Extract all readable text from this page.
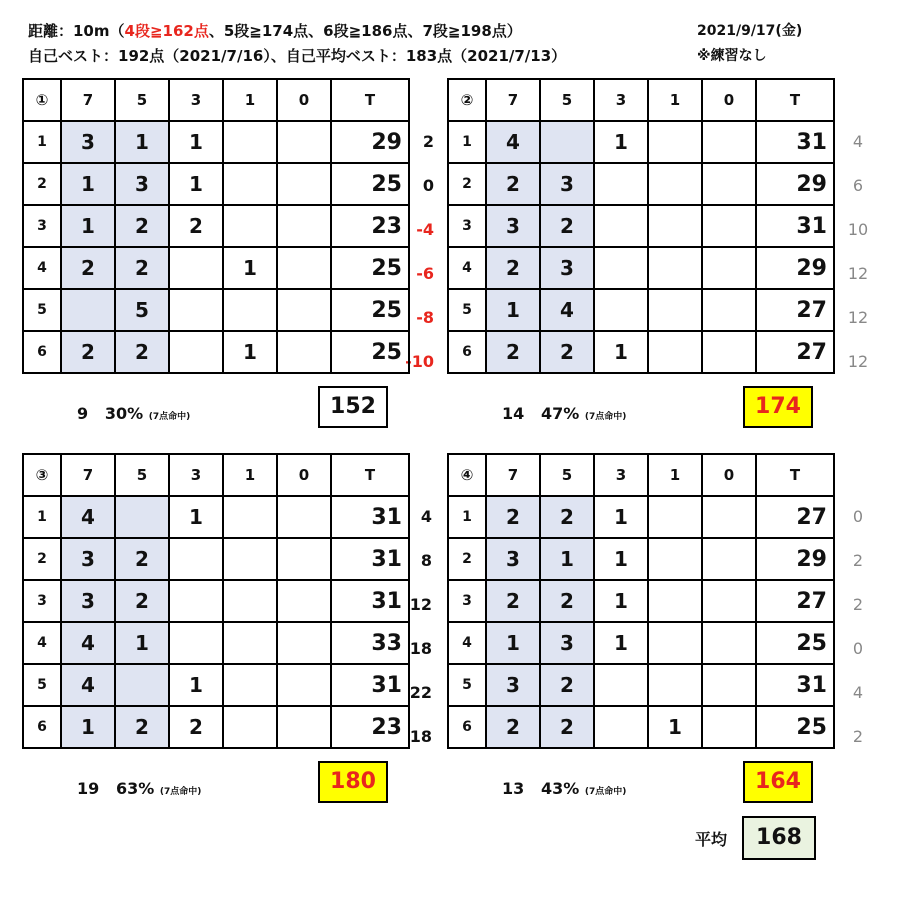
距離：10m（4段≧162点、5段≧174点、6段≧186点、7段≧198点）
自己ベスト：192点（2021/7/16）、自己平均ベスト：183点（2021/7/13）
2021/9/17(金)
※練習なし
2
0
-4
-6
-8
-10
①	7	5	3	1	0	T
1	3	1	1			29
2	1	3	1			25
3	1	2	2			23
4	2	2		1		25
5		5				25
6	2	2		1		25
9 30% (7点命中)	152
4
6
10
12
12
12
②	7	5	3	1	0	T
1	4		1			31
2	2	3				29
3	3	2				31
4	2	3				29
5	1	4				27
6	2	2	1			27
14 47% (7点命中)	174
4
8
12
18
22
18
③	7	5	3	1	0	T
1	4		1			31
2	3	2				31
3	3	2				31
4	4	1				33
5	4		1			31
6	1	2	2			23
19 63% (7点命中)	180
0
2
2
0
4
2
④	7	5	3	1	0	T
1	2	2	1			27
2	3	1	1			29
3	2	2	1			27
4	1	3	1			25
5	3	2				31
6	2	2		1		25
13 43% (7点命中)	164
平均	168
